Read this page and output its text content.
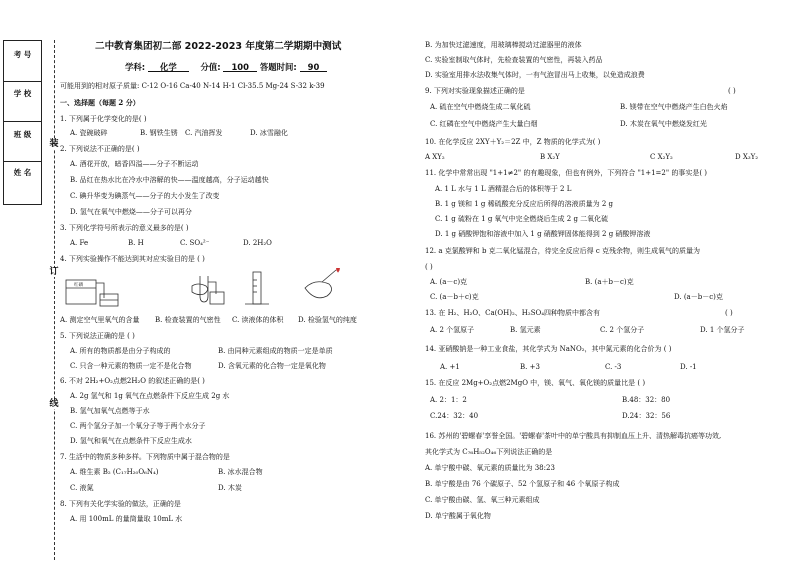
考 号
学 校
班 级
姓 名
装
订
线
二中教育集团初二部 2022-2023 年度第二学期期中测试
学科: 化学	分值: 100 答题时间: 90
可能用到的相对原子质量: C-12 O-16 Ca-40 N-14 H-1 Cl-35.5 Mg-24 S-32 k-39
一、选择题（每题 2 分）
1. 下列属于化学变化的是( )
A. 瓷碗破碎	B. 钢铁生锈 C. 汽油挥发	D. 冰雪融化
2. 下列说法不正确的是( )
A. 酒花开放，暗香四溢——分子不断运动
B. 品红在热水比在冷水中溶解的快——温度越高，分子运动越快
C. 碘升华变为碘蒸气——分子的大小发生了改变
D. 氢气在氧气中燃烧——分子可以再分
3. 下列化学符号所表示的意义最多的是( )
A. Fe	B. H	C. SO₄²⁻	D. 2H₂O
4. 下列实验操作不能达到其对应实验目的是 ( )
红磷
A. 测定空气里氧气的含量 B. 检查装置的气密性 C. 读液体的体积 D. 检验氢气的纯度
5. 下列说法正确的是 ( )
A. 所有的物质都是由分子构成的	B. 由同种元素组成的物质一定是单质
C. 只含一种元素的物质一定不是化合物	D. 含氧元素的化合物一定是氧化物
6. 不对 2H₂+O₂点燃2H₂O 的叙述正确的是( )
A. 2g 氢气和 1g 氧气在点燃条件下反应生成 2g 水
B. 氢气加氧气点燃等于水
C. 两个氢分子加一个氧分子等于两个水分子
D. 氢气和氧气在点燃条件下反应生成水
7. 生活中的物质多种多样。下列物质中属于混合物的是
A. 维生素 B₂ (C₁₇H₂₀O₆N₄)	B. 冰水混合物
C. 液氮	D. 木炭
8. 下列有关化学实验的做法，正确的是
A. 用 100mL 的量筒量取 10mL 水
B. 为加快过滤速度，用玻璃棒搅动过滤器里的液体
C. 实验室制取气体时，先检查装置的气密性，再装入药品
D. 实验室用排水法收集气体时，一有气泡冒出马上收集，以免造成浪费
9. 下列对实验现象描述正确的是	( )
A. 硫在空气中燃烧生成二氧化硫	B. 镁带在空气中燃烧产生白色火焰
C. 红磷在空气中燃烧产生大量白烟	D. 木炭在氧气中燃烧发红光
10. 在化学反应 2XY＋Y₂＝2Z 中，Z 物质的化学式为( )
A XY₂	B X₂Y	C X₂Y₂	D X₃Y₂
11. 化学中常常出现 "1+1≠2" 的有趣现象，但也有例外，下列符合 "1+1=2" 的事实是( )
A. 1 L 水与 1 L 酒精混合后的体积等于 2 L
B. 1 g 镁和 1 g 稀硫酸充分反应后所得的溶液质量为 2 g
C. 1 g 硫粉在 1 g 氧气中完全燃烧后生成 2 g 二氧化硫
D. 1 g 硝酸钾饱和溶液中加入 1 g 硝酸钾固体能得到 2 g 硝酸钾溶液
12. a 克氯酸钾和 b 克二氧化锰混合，待完全反应后得 c 克残余物，则生成氧气的质量为
( )
A. (a－c)克	B. (a＋b－c)克
C. (a－b＋c)克	D. (a－b－c)克
13. 在 H₂、H₂O、Ca(OH)₂、H₂SO₄四种物质中都含有	( )
A. 2 个氢原子	B. 氢元素	C. 2 个氢分子	D. 1 个氢分子
14. 亚硝酸钠是一种工业食盐，其化学式为 NaNO₂，其中氮元素的化合价为 ( )
A. +1	B. +3	C. -3	D. -1
15. 在反应 2Mg+O₂点燃2MgO 中，镁、氧气、氧化镁的质量比是 ( )
A. 2：1：2	B.48：32：80
C.24：32：40	D.24：32：56
16. 苏州的'碧螺春'享誉全国。'碧螺春'茶叶中的单宁酸具有抑制血压上升、清热解毒抗癌等功效,
其化学式为 C₇₆H₅₂O₄₆下列说法正确的是
A. 单宁酸中碳、氧元素的质量比为 38:23
B. 单宁酸是由 76 个碳原子、52 个氢原子和 46 个氧原子构成
C. 单宁酸由碳、氢、氧三种元素组成
D. 单宁酸属于氧化物
